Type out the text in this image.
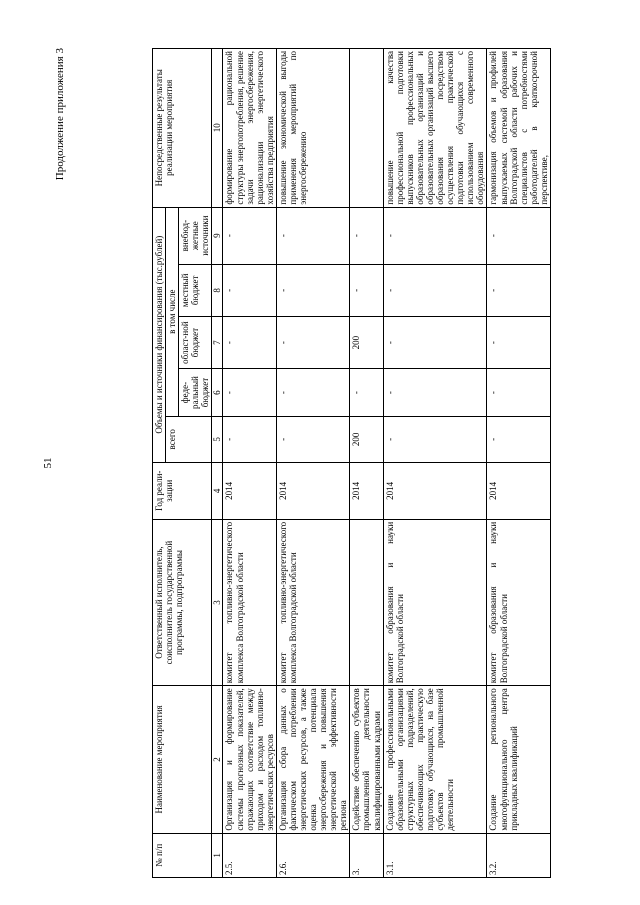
51
Продолжение приложения 3
№ п/п	Наименование мероприятия	Ответственный исполнитель, соисполнитель государственной программы, подпрограммы	Год реали-зации	Объемы и источники финансирования (тыс.рублей)					Непосредственные результаты реализации мероприятия
				всего	в том числе				
					феде-ральный бюджет	област-ной бюджет	местный бюджет	внебюд-жетные источники	
1	2	3	4	5	6	7	8	9	10
2.5.	Организация и формирование системы прогнозных показателей, отражающих соответствие между приходом и расходом топливно-энергетических ресурсов	комитет топливно-энергетического комплекса Волгоградской области	2014	-	-	-	-	-	формирование рациональной структуры энергопотребления, решение задачи энергосбережения, рационализации энергетического хозяйства предприятия
2.6.	Организация сбора данных о фактическом потреблении энергетических ресурсов, а также оценка потенциала энергосбережения и повышения энергетической эффективности региона	комитет топливно-энергетического комплекса Волгоградской области	2014	-	-	-	-	-	повышение экономической выгоды применения мероприятий по энергосбережению
3.	Содействие обеспечению субъектов промышленной деятельности квалифицированными кадрами		2014	200	-	200	-	-	
3.1.	Создание профессиональными образовательными организациями структурных подразделений, обеспечивающих практическую подготовку обучающихся, на базе субъектов промышленной деятельности	комитет образования и науки Волгоградской области	2014	-	-	-	-	-	повышение качества профессиональной подготовки выпускников профессиональных образовательных организаций и образовательных организаций высшего образования посредством осуществления практической подготовки обучающихся с использованием современного оборудования
3.2.	Создание регионального многофункционального центра прикладных квалификаций	комитет образования и науки Волгоградской области	2014	-	-	-	-	-	гармонизация объемов и профилей выпускаемых системой образования Волгоградской области рабочих и специалистов с потребностями работодателей в краткосрочной перспективе,
